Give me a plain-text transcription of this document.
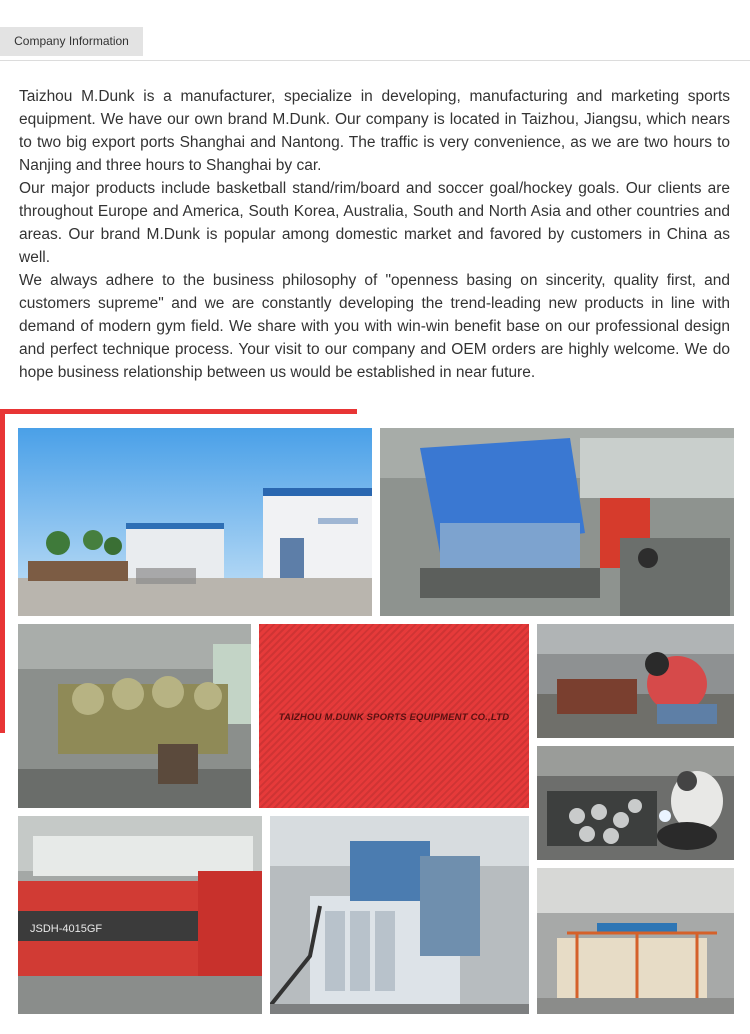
Company Information

Taizhou M.Dunk is a manufacturer, specialize in developing, manufacturing and marketing sports equipment. We have our own brand M.Dunk. Our company is located in Taizhou, Jiangsu, which nears to two big export ports Shanghai and Nantong. The traffic is very convenience, as we are two hours to Nanjing and three hours to Shanghai by car.

Our major products include basketball stand/rim/board and soccer goal/hockey goals. Our clients are throughout Europe and America, South Korea, Australia, South and North Asia and other countries and areas. Our brand M.Dunk is popular among domestic market and favored by customers in China as well.

We always adhere to the business philosophy of "openness basing on sincerity, quality first, and customers supreme" and we are constantly developing the trend-leading new products in line with demand of modern gym field. We share with you with win-win benefit base on our professional design and perfect technique process. Your visit to our company and OEM orders are highly welcome. We do hope business relationship between us would be established in near future.

TAIZHOU M.DUNK SPORTS EQUIPMENT CO.,LTD
JSDH-4015GF
